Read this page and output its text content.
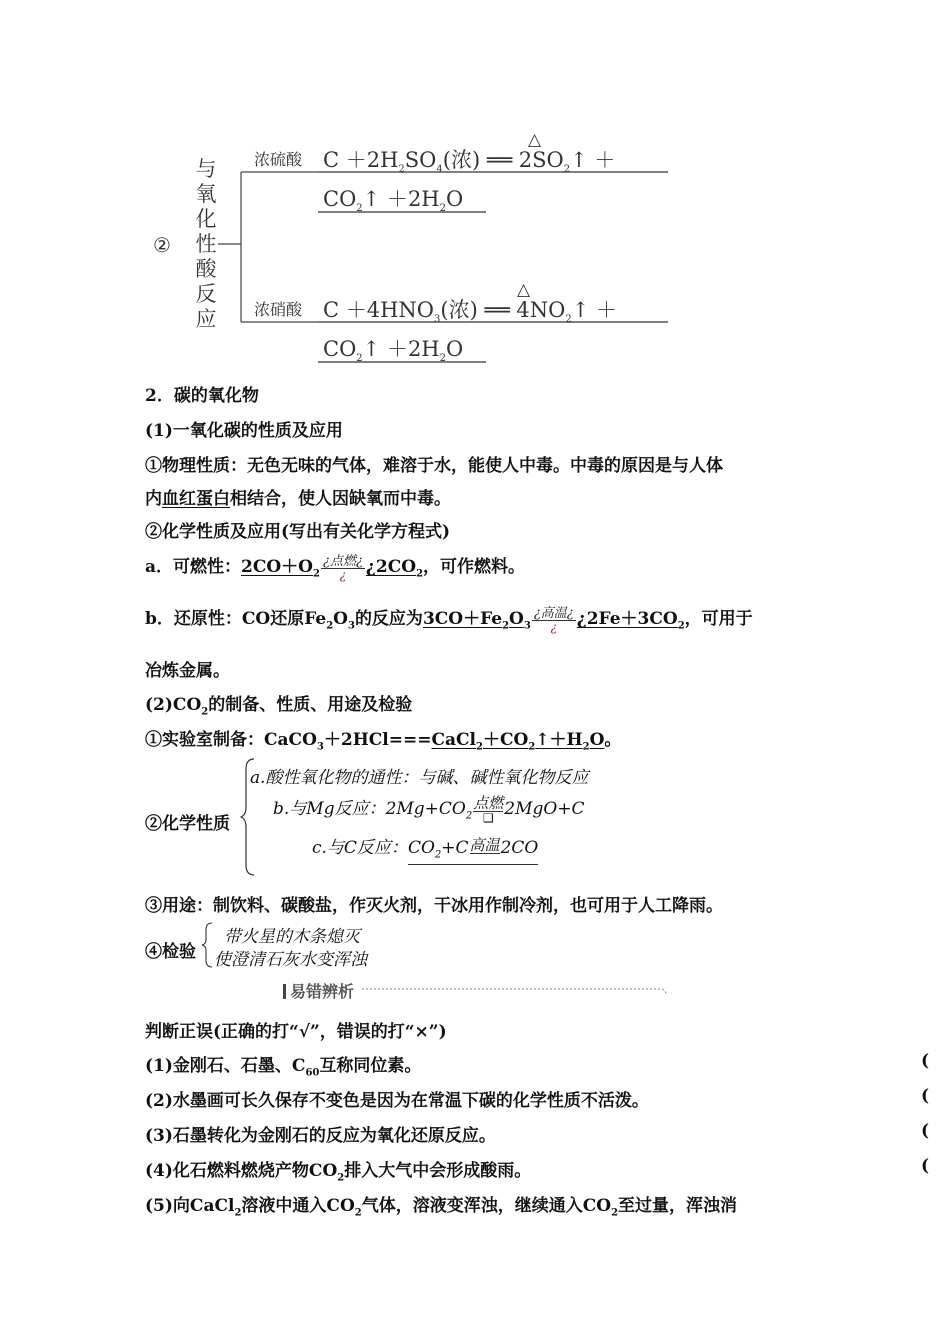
②
与
氧
化
性
酸
反
应
浓硫酸
△
$C +2H_2SO_4$(浓) ══ $2SO_2↑$ ＋
$CO_2↑ +2H_2O$
浓硝酸
△
$C +4HNO_3$(浓) ══ $4NO_2↑$ ＋
$CO_2↑ +2H_2O$
2．碳的氧化物
(1)一氧化碳的性质及应用
①物理性质：无色无味的气体，难溶于水，能使人中毒。中毒的原因是与人体
内血红蛋白相结合，使人因缺氧而中毒。
②化学性质及应用(写出有关化学方程式)
a．可燃性：$2CO+O_2 \frac{\text{¿点燃¿}}{¿}$ ¿$2CO_2$，可作燃料。
b．还原性：CO还原$Fe_2O_3$的反应为$3CO+Fe_2O_3 \frac{\text{¿高温¿}}{¿}$ ¿$2Fe+3CO_2$，可用于
冶炼金属。
$(2)CO_2$的制备、性质、用途及检验
①实验室制备：$CaCO_3+2HCl===CaCl_2+CO_2↑+H_2O$。
②化学性质
a.酸性氧化物的通性：与碱、碱性氧化物反应
b.与Mg反应：$2Mg+CO_2 \frac{\text{点燃}}{❑} 2MgO+C$
c.与C反应：$CO_2+C$ 高温
2CO
③用途：制饮料、碳酸盐，作灭火剂，干冰用作制冷剂，也可用于人工降雨。
④检验
带火星的木条熄灭
使澄清石灰水变浑浊
易错辨析
判断正误(正确的打“√”，错误的打“×”)
(1)金刚石、石墨、$C_{60}$互称同位素。
(2)水墨画可长久保存不变色是因为在常温下碳的化学性质不活泼。
(3)石墨转化为金刚石的反应为氧化还原反应。
(4)化石燃料燃烧产物$CO_2$排入大气中会形成酸雨。
(5)向CaCl$_2$溶液中通入$CO_2$气体，溶液变浑浊，继续通入$CO_2$至过量，浑浊消
(
(
(
(
